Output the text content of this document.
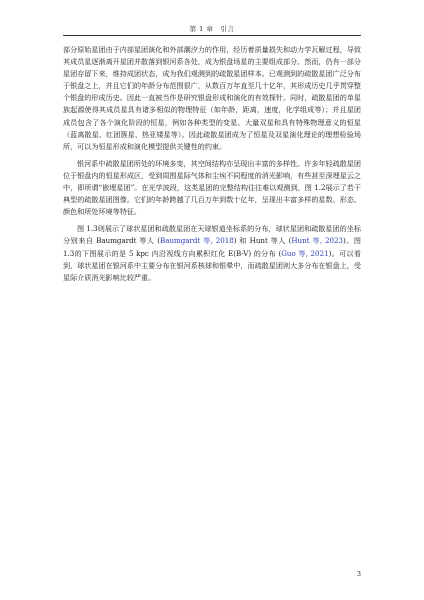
第 1 章　引言

部分原始星团由于内部星团演化和外部潮汐力的作用，经历着质量损失和动力学瓦解过程，导致其成员星逐渐离开星团并散落到银河系各处，成为银盘场星的主要组成部分。然而，仍有一部分星团存留下来，维持成团状态，成为我们观测到的疏散星团样本。已观测到的疏散星团广泛分布于银盘之上，并且它们的年龄分布范围很广，从数百万年直至几十亿年，其形成历史几乎贯穿整个银盘的形成历史。因此一直被当作是研究银盘形成和演化的有效探针。同时，疏散星团的单星族起源使得其成员星具有诸多相似的物理特征（如年龄，距离，速度，化学组成等）；并且星团成员包含了各个演化阶段的恒星，例如各种类型的变星、大量双星和具有特殊物理意义的恒星（蓝离散星、红团簇星、热亚矮星等）。因此疏散星团成为了恒星及双星演化理论的理想检验场所，可以为恒星形成和演化模型提供关键性的约束。

银河系中疏散星团所处的环境多变，其空间结构亦呈现出丰富的多样性。许多年轻疏散星团位于银盘内的恒星形成区，受到周围星际气体和尘埃不同程度的消光影响，有些甚至深埋星云之中，即所谓“嵌埋星团”。在光学波段，这类星团的完整结构往往难以观测到，图 1.2展示了若干典型的疏散星团图像。它们的年龄跨越了几百万年到数十亿年，呈现出丰富多样的星数、形态、颜色和所处环境等特征。

图 1.3则展示了球状星团和疏散星团在天球银道坐标系的分布，球状星团和疏散星团的坐标分别来自 Baumgardt 等人 (Baumgardt 等, 2018) 和 Hunt 等人 (Hunt 等, 2023)。图 1.3的下图展示的是 5 kpc 内沿视线方向累积红化 E(B-V) 的分布 (Guo 等, 2021)。可以看到，球状星团在银河系中主要分布在银河系核球和银晕中，而疏散星团则大多分布在银盘上，受星际介质消光影响比较严重。

3
